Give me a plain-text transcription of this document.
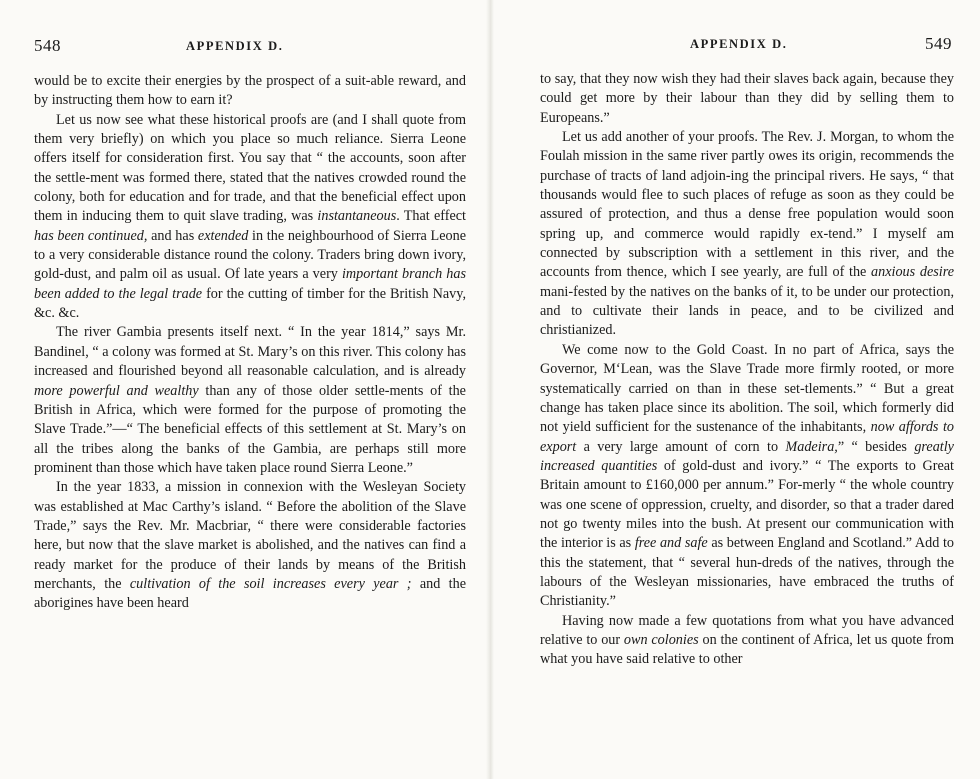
548	APPENDIX D.

would be to excite their energies by the prospect of a suit-able reward, and by instructing them how to earn it?

Let us now see what these historical proofs are (and I shall quote from them very briefly) on which you place so much reliance. Sierra Leone offers itself for consideration first. You say that “ the accounts, soon after the settle-ment was formed there, stated that the natives crowded round the colony, both for education and for trade, and that the beneficial effect upon them in inducing them to quit slave trading, was instantaneous. That effect has been continued, and has extended in the neighbourhood of Sierra Leone to a very considerable distance round the colony. Traders bring down ivory, gold-dust, and palm oil as usual. Of late years a very important branch has been added to the legal trade for the cutting of timber for the British Navy, &c. &c.

The river Gambia presents itself next. “ In the year 1814,” says Mr. Bandinel, “ a colony was formed at St. Mary’s on this river. This colony has increased and flourished beyond all reasonable calculation, and is already more powerful and wealthy than any of those older settle-ments of the British in Africa, which were formed for the purpose of promoting the Slave Trade.”—“ The beneficial effects of this settlement at St. Mary’s on all the tribes along the banks of the Gambia, are perhaps still more prominent than those which have taken place round Sierra Leone.”

In the year 1833, a mission in connexion with the Wesleyan Society was established at Mac Carthy’s island. “ Before the abolition of the Slave Trade,” says the Rev. Mr. Macbriar, “ there were considerable factories here, but now that the slave market is abolished, and the natives can find a ready market for the produce of their lands by means of the British merchants, the cultivation of the soil increases every year ; and the aborigines have been heard

APPENDIX D.	549

to say, that they now wish they had their slaves back again, because they could get more by their labour than they did by selling them to Europeans.”

Let us add another of your proofs. The Rev. J. Morgan, to whom the Foulah mission in the same river partly owes its origin, recommends the purchase of tracts of land adjoin-ing the principal rivers. He says, “ that thousands would flee to such places of refuge as soon as they could be assured of protection, and thus a dense free population would soon spring up, and commerce would rapidly ex-tend.” I myself am connected by subscription with a settlement in this river, and the accounts from thence, which I see yearly, are full of the anxious desire mani-fested by the natives on the banks of it, to be under our protection, and to cultivate their lands in peace, and to be civilized and christianized.

We come now to the Gold Coast. In no part of Africa, says the Governor, M‘Lean, was the Slave Trade more firmly rooted, or more systematically carried on than in these set-tlements.” “ But a great change has taken place since its abolition. The soil, which formerly did not yield sufficient for the sustenance of the inhabitants, now affords to export a very large amount of corn to Madeira,” “ besides greatly increased quantities of gold-dust and ivory.” “ The exports to Great Britain amount to £160,000 per annum.” For-merly “ the whole country was one scene of oppression, cruelty, and disorder, so that a trader dared not go twenty miles into the bush. At present our communication with the interior is as free and safe as between England and Scotland.” Add to this the statement, that “ several hun-dreds of the natives, through the labours of the Wesleyan missionaries, have embraced the truths of Christianity.”

Having now made a few quotations from what you have advanced relative to our own colonies on the continent of Africa, let us quote from what you have said relative to other
